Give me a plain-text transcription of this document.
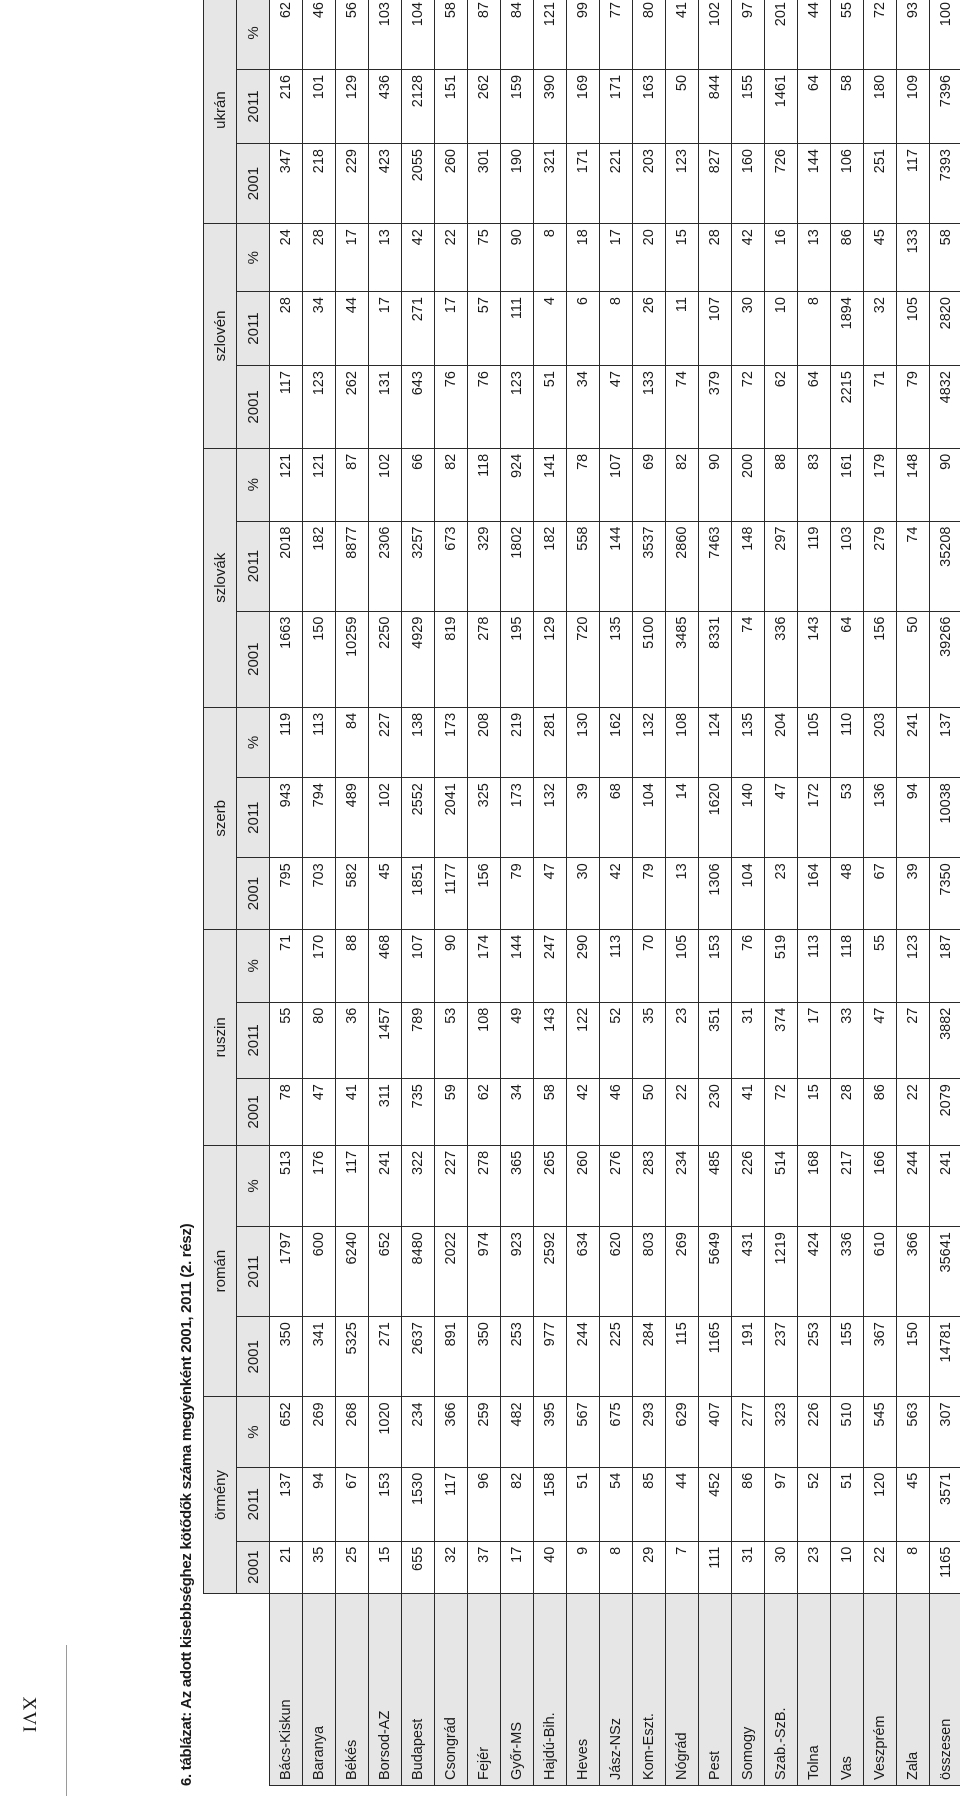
XVI	6. táblázat: Az adott kisebbséghez kötődők száma megyénként 2001, 2011 (2. rész)
	örmény			román			ruszin			szerb			szlovák			szlovén			ukrán		
	2001	2011	%	2001	2011	%	2001	2011	%	2001	2011	%	2001	2011	%	2001	2011	%	2001	2011	%
Bács-Kiskun	21	137	652	350	1797	513	78	55	71	795	943	119	1663	2018	121	117	28	24	347	216	62
Baranya	35	94	269	341	600	176	47	80	170	703	794	113	150	182	121	123	34	28	218	101	46
Békés	25	67	268	5325	6240	117	41	36	88	582	489	84	10259	8877	87	262	44	17	229	129	56
Borsod-AZ	15	153	1020	271	652	241	311	1457	468	45	102	227	2250	2306	102	131	17	13	423	436	103
Budapest	655	1530	234	2637	8480	322	735	789	107	1851	2552	138	4929	3257	66	643	271	42	2055	2128	104
Csongrád	32	117	366	891	2022	227	59	53	90	1177	2041	173	819	673	82	76	17	22	260	151	58
Fejér	37	96	259	350	974	278	62	108	174	156	325	208	278	329	118	76	57	75	301	262	87
Győr-MS	17	82	482	253	923	365	34	49	144	79	173	219	195	1802	924	123	111	90	190	159	84
Hajdú-Bih.	40	158	395	977	2592	265	58	143	247	47	132	281	129	182	141	51	4	8	321	390	121
Heves	9	51	567	244	634	260	42	122	290	30	39	130	720	558	78	34	6	18	171	169	99
Jász-NSz	8	54	675	225	620	276	46	52	113	42	68	162	135	144	107	47	8	17	221	171	77
Kom-Eszt.	29	85	293	284	803	283	50	35	70	79	104	132	5100	3537	69	133	26	20	203	163	80
Nógrád	7	44	629	115	269	234	22	23	105	13	14	108	3485	2860	82	74	11	15	123	50	41
Pest	111	452	407	1165	5649	485	230	351	153	1306	1620	124	8331	7463	90	379	107	28	827	844	102
Somogy	31	86	277	191	431	226	41	31	76	104	140	135	74	148	200	72	30	42	160	155	97
Szab.-SzB.	30	97	323	237	1219	514	72	374	519	23	47	204	336	297	88	62	10	16	726	1461	201
Tolna	23	52	226	253	424	168	15	17	113	164	172	105	143	119	83	64	8	13	144	64	44
Vas	10	51	510	155	336	217	28	33	118	48	53	110	64	103	161	2215	1894	86	106	58	55
Veszprém	22	120	545	367	610	166	86	47	55	67	136	203	156	279	179	71	32	45	251	180	72
Zala	8	45	563	150	366	244	22	27	123	39	94	241	50	74	148	79	105	133	117	109	93
összesen	1165	3571	307	14781	35641	241	2079	3882	187	7350	10038	137	39266	35208	90	4832	2820	58	7393	7396	100
